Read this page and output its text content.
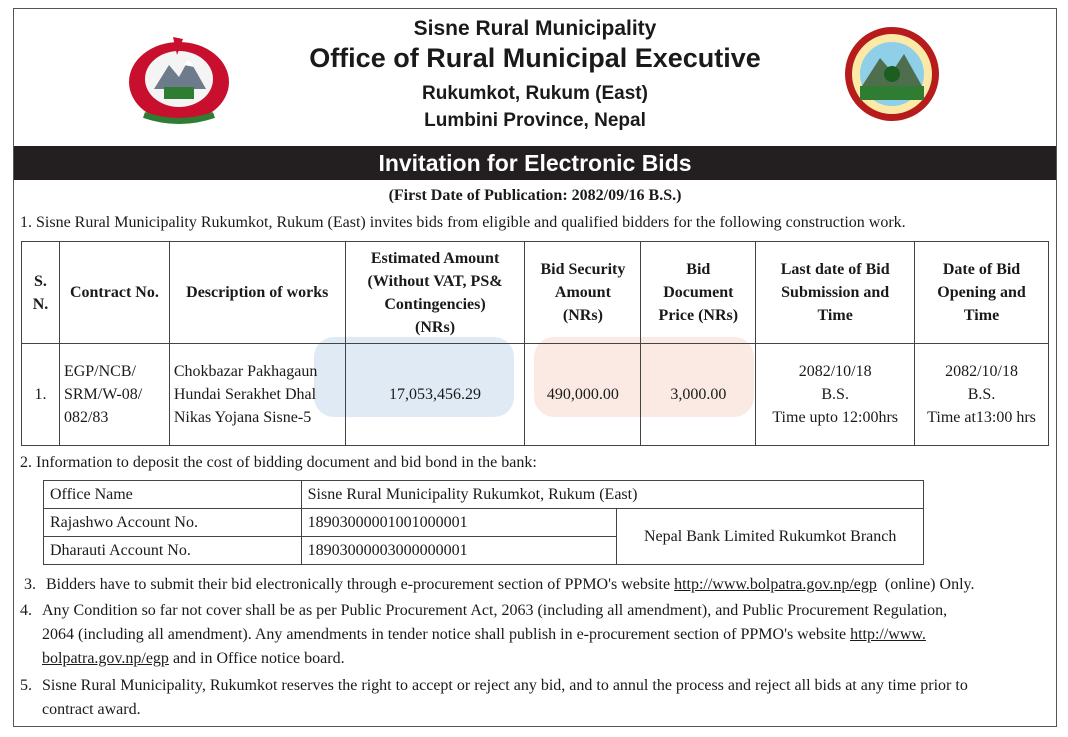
Sisne Rural Municipality
Office of Rural Municipal Executive
Rukumkot, Rukum (East)
Lumbini Province, Nepal
Invitation for Electronic Bids
(First Date of Publication: 2082/09/16 B.S.)
1. Sisne Rural Municipality Rukumkot, Rukum (East) invites bids from eligible and qualified bidders for the following construction work.
S.
N.	Contract No.	Description of works	Estimated Amount
(Without VAT, PS&
Contingencies)
(NRs)	Bid Security
Amount
(NRs)	Bid
Document
Price (NRs)	Last date of Bid
Submission and
Time	Date of Bid
Opening and
Time
1.	EGP/NCB/
SRM/W-08/
082/83	Chokbazar Pakhagaun
Hundai Serakhet Dhal
Nikas Yojana Sisne-5	17,053,456.29	490,000.00	3,000.00	2082/10/18
B.S.
Time upto 12:00hrs	2082/10/18
B.S.
Time at13:00 hrs
2. Information to deposit the cost of bidding document and bid bond in the bank:
Office Name	Sisne Rural Municipality Rukumkot, Rukum (East)	
Rajashwo Account No.	18903000001001000001	Nepal Bank Limited Rukumkot Branch
Dharauti Account No.	18903000003000000001	
3. Bidders have to submit their bid electronically through e-procurement section of PPMO's website http://www.bolpatra.gov.np/egp  (online) Only.
4. Any Condition so far not cover shall be as per Public Procurement Act, 2063 (including all amendment), and Public Procurement Regulation,
2064 (including all amendment). Any amendments in tender notice shall publish in e-procurement section of PPMO's website http://www.
bolpatra.gov.np/egp and in Office notice board.
5. Sisne Rural Municipality, Rukumkot reserves the right to accept or reject any bid, and to annul the process and reject all bids at any time prior to
contract award.
